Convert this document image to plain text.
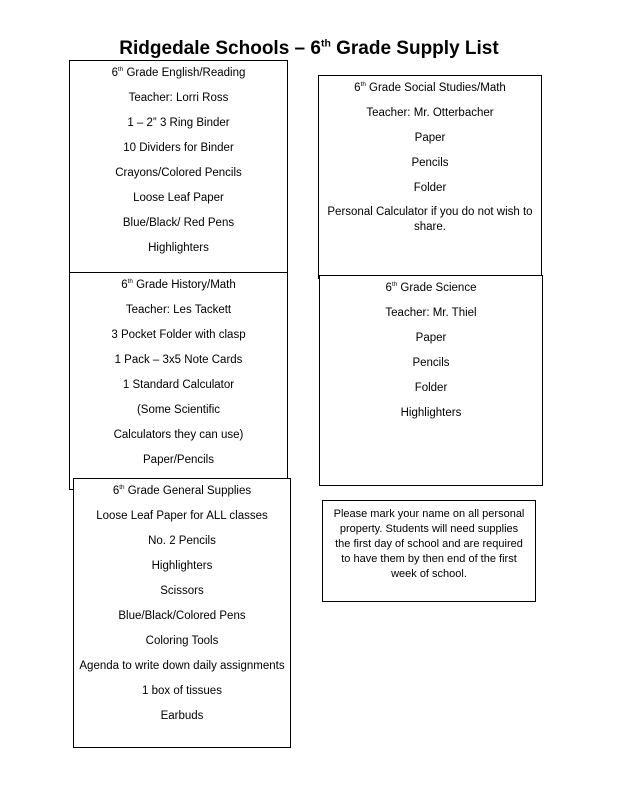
Ridgedale Schools – 6th Grade Supply List
6th Grade English/Reading
Teacher: Lorri Ross
1 – 2” 3 Ring Binder
10 Dividers for Binder
Crayons/Colored Pencils
Loose Leaf Paper
Blue/Black/ Red Pens
Highlighters
6th Grade Social Studies/Math
Teacher: Mr. Otterbacher
Paper
Pencils
Folder
Personal Calculator if you do not wish to share.
6th Grade History/Math
Teacher: Les Tackett
3 Pocket Folder with clasp
1 Pack – 3x5 Note Cards
1 Standard Calculator
(Some Scientific
Calculators they can use)
Paper/Pencils
6th Grade Science
Teacher: Mr. Thiel
Paper
Pencils
Folder
Highlighters
6th Grade General Supplies
Loose Leaf Paper for ALL classes
No. 2 Pencils
Highlighters
Scissors
Blue/Black/Colored Pens
Coloring Tools
Agenda to write down daily assignments
1 box of tissues
Earbuds
Please mark your name on all personal property. Students will need supplies the first day of school and are required to have them by then end of the first week of school.
